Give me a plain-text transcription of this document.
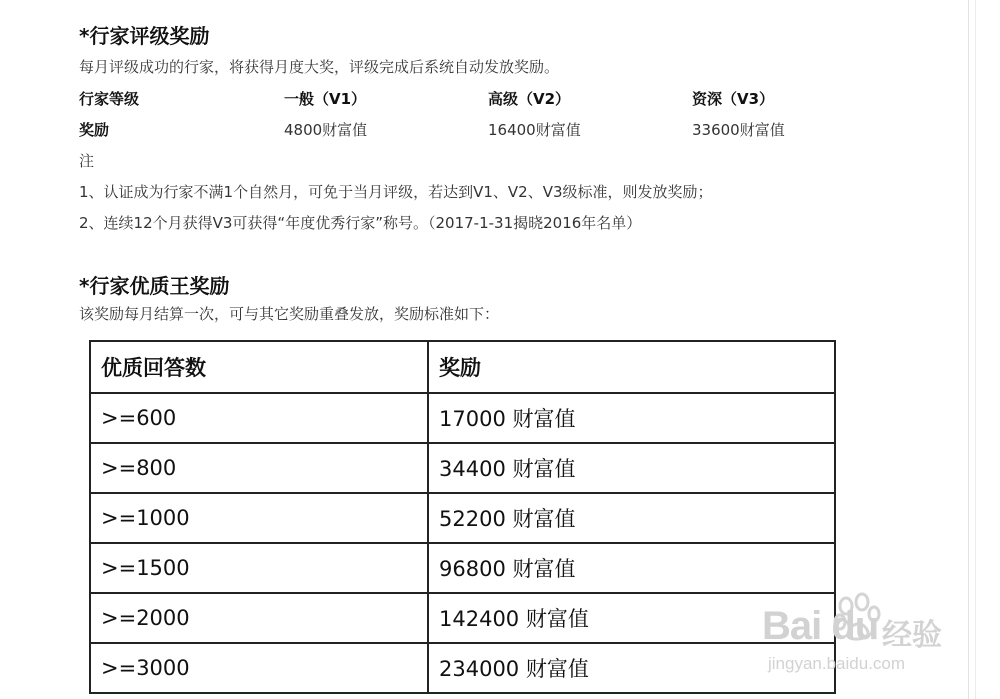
*行家评级奖励
每月评级成功的行家，将获得月度大奖，评级完成后系统自动发放奖励。
行家等级	一般（V1）	高级（V2）	资深（V3）
奖励	4800财富值	16400财富值	33600财富值
注
1、认证成为行家不满1个自然月，可免于当月评级，若达到V1、V2、V3级标准，则发放奖励；
2、连续12个月获得V3可获得“年度优秀行家”称号。（2017-1-31揭晓2016年名单）
*行家优质王奖励
该奖励每月结算一次，可与其它奖励重叠发放，奖励标准如下：
优质回答数	奖励
>=600	17000 财富值
>=800	34400 财富值
>=1000	52200 财富值
>=1500	96800 财富值
>=2000	142400 财富值
>=3000	234000 财富值
Bai du 经验
jingyan.baidu.com
